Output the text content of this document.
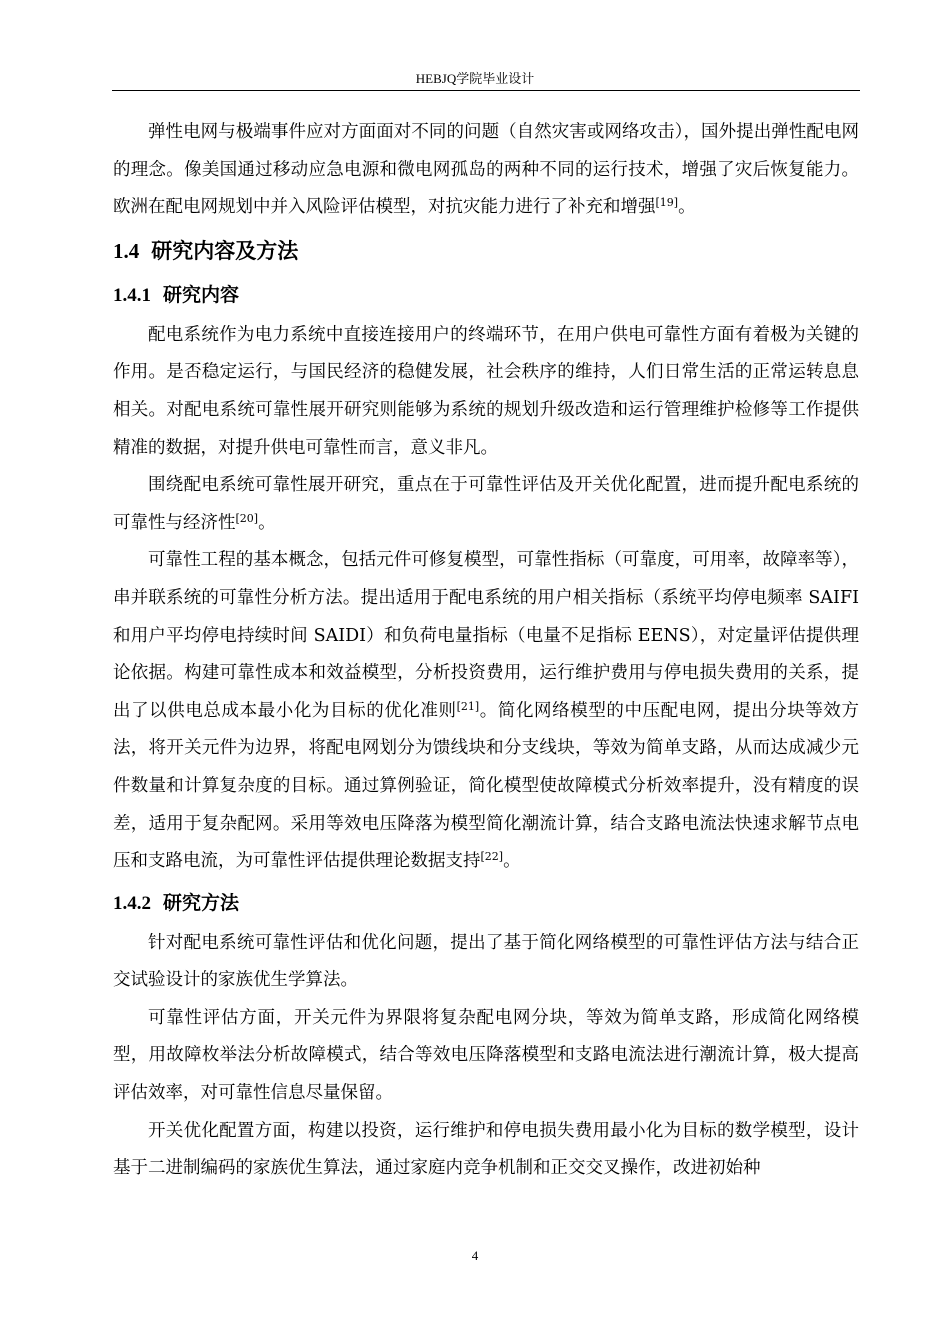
HEBJQ学院毕业设计

弹性电网与极端事件应对方面面对不同的问题（自然灾害或网络攻击），国外提出弹性配电网的理念。像美国通过移动应急电源和微电网孤岛的两种不同的运行技术，增强了灾后恢复能力。欧洲在配电网规划中并入风险评估模型，对抗灾能力进行了补充和增强[19]。

1.4 研究内容及方法
1.4.1 研究内容

配电系统作为电力系统中直接连接用户的终端环节，在用户供电可靠性方面有着极为关键的作用。是否稳定运行，与国民经济的稳健发展，社会秩序的维持，人们日常生活的正常运转息息相关。对配电系统可靠性展开研究则能够为系统的规划升级改造和运行管理维护检修等工作提供精准的数据，对提升供电可靠性而言，意义非凡。

围绕配电系统可靠性展开研究，重点在于可靠性评估及开关优化配置，进而提升配电系统的可靠性与经济性[20]。

可靠性工程的基本概念，包括元件可修复模型，可靠性指标（可靠度，可用率，故障率等），串并联系统的可靠性分析方法。提出适用于配电系统的用户相关指标（系统平均停电频率 SAIFI 和用户平均停电持续时间 SAIDI）和负荷电量指标（电量不足指标 EENS），对定量评估提供理论依据。构建可靠性成本和效益模型，分析投资费用，运行维护费用与停电损失费用的关系，提出了以供电总成本最小化为目标的优化准则[21]。简化网络模型的中压配电网，提出分块等效方法，将开关元件为边界，将配电网划分为馈线块和分支线块，等效为简单支路，从而达成减少元件数量和计算复杂度的目标。通过算例验证，简化模型使故障模式分析效率提升，没有精度的误差，适用于复杂配网。采用等效电压降落为模型简化潮流计算，结合支路电流法快速求解节点电压和支路电流，为可靠性评估提供理论数据支持[22]。

1.4.2 研究方法

针对配电系统可靠性评估和优化问题，提出了基于简化网络模型的可靠性评估方法与结合正交试验设计的家族优生学算法。

可靠性评估方面，开关元件为界限将复杂配电网分块，等效为简单支路，形成简化网络模型，用故障枚举法分析故障模式，结合等效电压降落模型和支路电流法进行潮流计算，极大提高评估效率，对可靠性信息尽量保留。

开关优化配置方面，构建以投资，运行维护和停电损失费用最小化为目标的数学模型，设计基于二进制编码的家族优生算法，通过家庭内竞争机制和正交交叉操作，改进初始种

4
